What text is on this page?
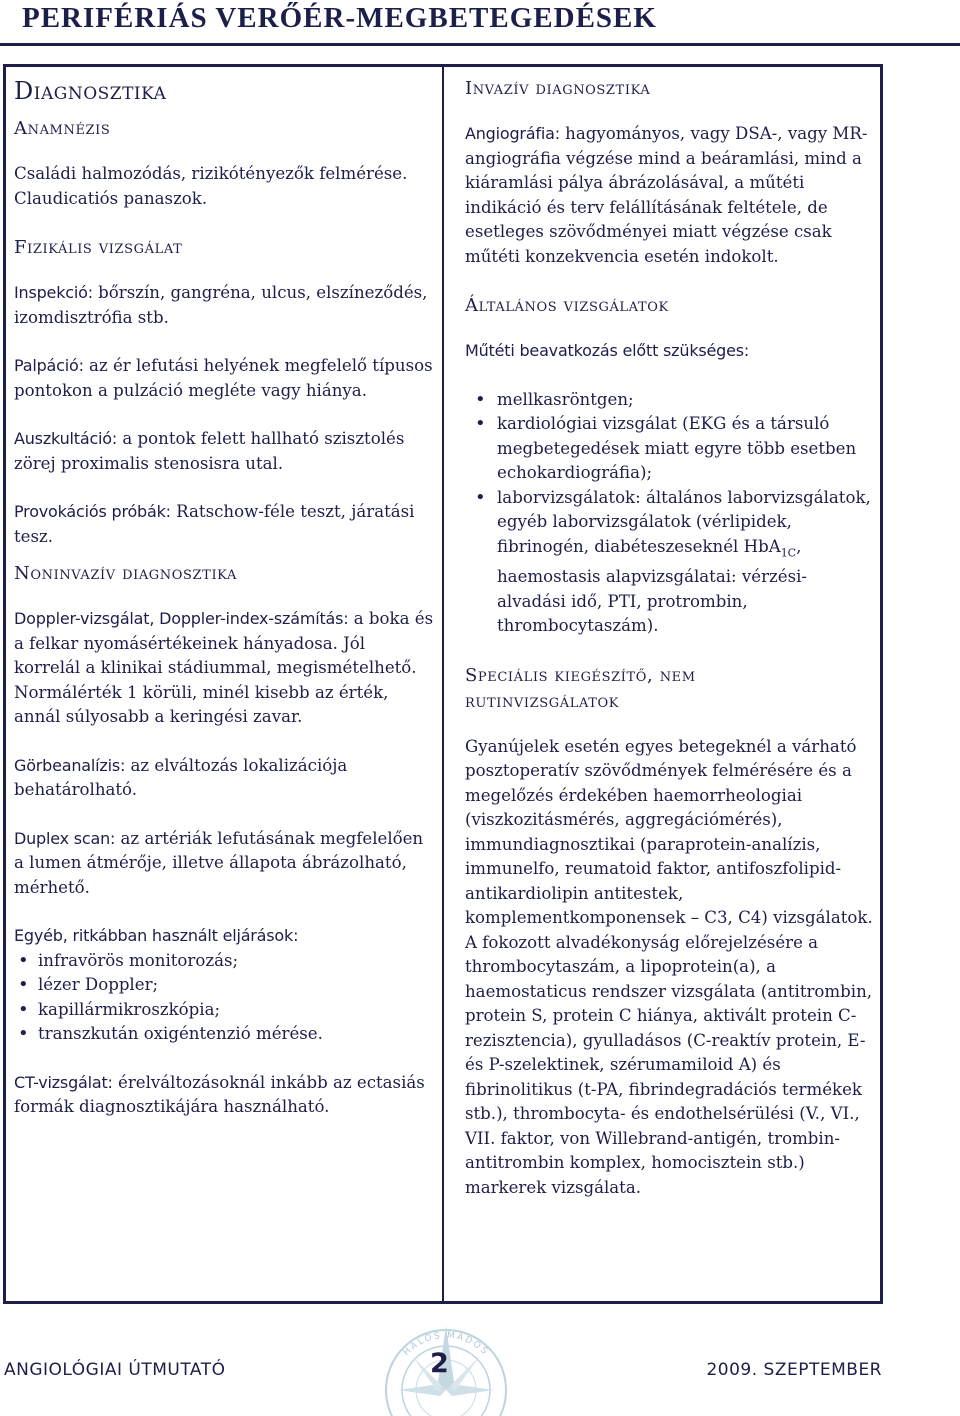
PERIFÉRIÁS VERŐÉR-MEGBETEGEDÉSEK
Diagnosztika
Anamnézis

Családi halmozódás, rizikótényezők felmérése. Claudicatiós panaszok.

Fizikális vizsgálat

Inspekció: bőrszín, gangréna, ulcus, elszíneződés, izomdisztrófia stb.

Palpáció: az ér lefutási helyének megfelelő típusos pontokon a pulzáció megléte vagy hiánya.

Auszkultáció: a pontok felett hallható szisztolés zörej proximalis stenosisra utal.

Provokációs próbák: Ratschow-féle teszt, járatási tesz.

Noninvazív diagnosztika

Doppler-vizsgálat, Doppler-index-számítás: a boka és a felkar nyomásértékeinek hányadosa. Jól korrelál a klinikai stádiummal, megismételhető. Normálérték 1 körüli, minél kisebb az érték, annál súlyosabb a keringési zavar.

Görbeanalízis: az elváltozás lokalizációja behatárolható.

Duplex scan: az artériák lefutásának megfelelően a lumen átmérője, illetve állapota ábrázolható, mérhető.

Egyéb, ritkábban használt eljárások:

• infravörös monitorozás;
• lézer Doppler;
• kapillármikroszkópia;
• transzkután oxigéntenzió mérése.

CT-vizsgálat: érelváltozásoknál inkább az ectasiás formák diagnosztikájára használható.

Invazív diagnosztika

Angiográfia: hagyományos, vagy DSA-, vagy MR-angiográfia végzése mind a beáramlási, mind a kiáramlási pálya ábrázolásával, a műtéti indikáció és terv felállításának feltétele, de esetleges szövődményei miatt végzése csak műtéti konzekvencia esetén indokolt.

Általános vizsgálatok

Műtéti beavatkozás előtt szükséges:

• mellkasröntgen;
• kardiológiai vizsgálat (EKG és a társuló megbetegedések miatt egyre több esetben echokardiográfia);
• laborvizsgálatok: általános laborvizsgálatok, egyéb laborvizsgálatok (vérlipidek, fibrinogén, diabéteszeseknél HbA$_{1C}$, haemostasis alapvizsgálatai: vérzési-alvadási idő, PTI, protrombin, thrombocytaszám).
Speciális kiegészítő, nem
rutinvizsgálatok

Gyanújelek esetén egyes betegeknél a várható posztoperatív szövődmények felmérésére és a megelőzés érdekében haemorrheologiai (viszkozitásmérés, aggregációmérés), immundiagnosztikai (paraprotein-analízis, immunelfo, reumatoid faktor, antifoszfolipid-antikardiolipin antitestek, komplementkomponensek – C3, C4) vizsgálatok. A fokozott alvadékonyság előrejelzésére a thrombocytaszám, a lipoprotein(a), a haemostaticus rendszer vizsgálata (antitrombin, protein S, protein C hiánya, aktivált protein C-rezisztencia), gyulladásos (C-reaktív protein, E- és P-szelektinek, szérumamiloid A) és fibrinolitikus (t-PA, fibrindegradációs termékek stb.), thrombocyta- és endothelsérülési (V., VI., VII. faktor, von Willebrand-antigén, trombin-antitrombin komplex, homocisztein stb.) markerek vizsgálata.

ANGIOLÓGIAI ÚTMUTATÓ
HALOS MADOS
2	2009. SZEPTEMBER
